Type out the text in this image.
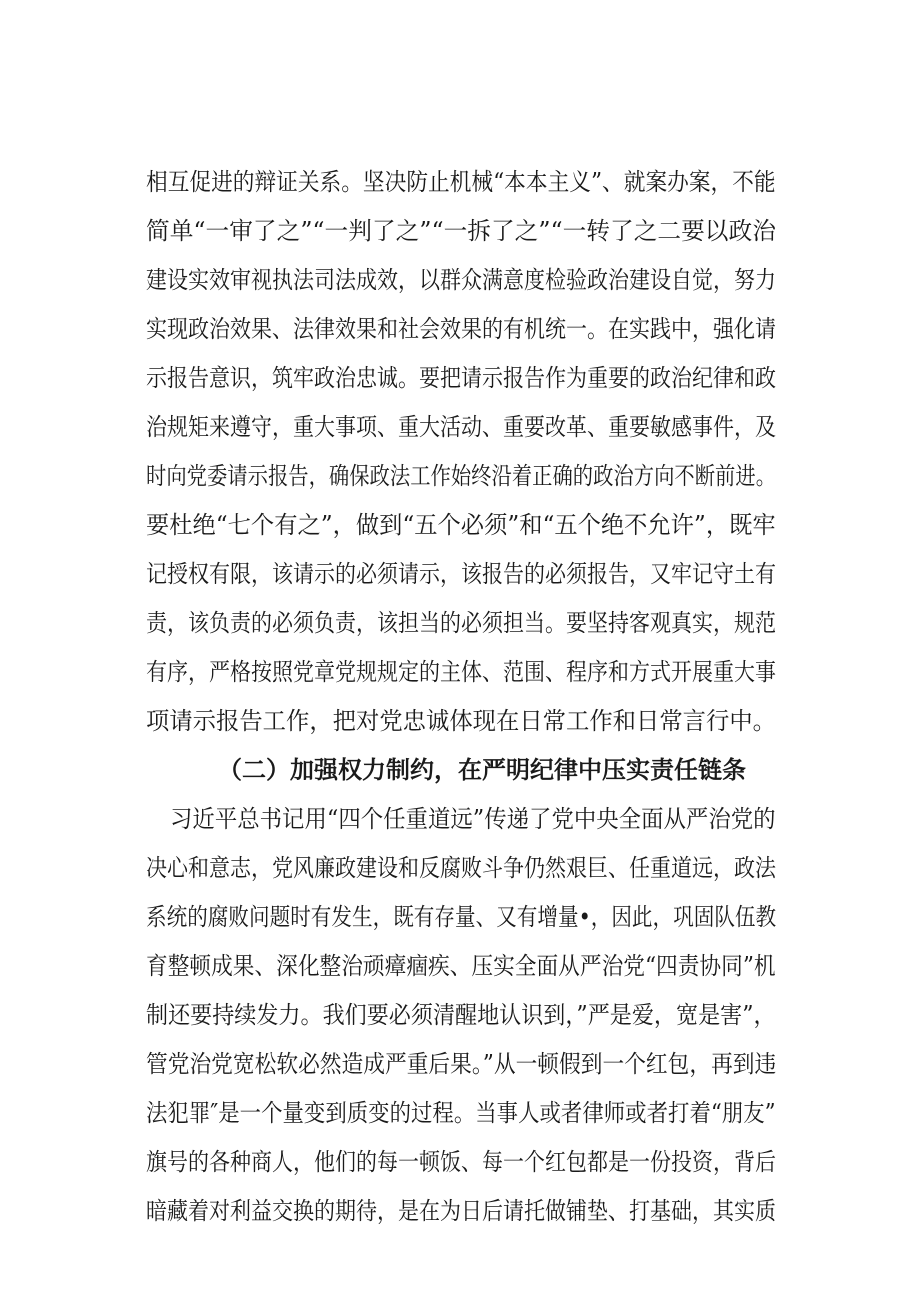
相互促进的辩证关系。坚决防止机械“本本主义”、就案办案，不能
简单“一审了之”“一判了之”“一拆了之”“一转了之二要以政治
建设实效审视执法司法成效，以群众满意度检验政治建设自觉，努力
实现政治效果、法律效果和社会效果的有机统一。在实践中，强化请
示报告意识，筑牢政治忠诚。要把请示报告作为重要的政治纪律和政
治规矩来遵守，重大事项、重大活动、重要改革、重要敏感事件，及
时向党委请示报告，确保政法工作始终沿着正确的政治方向不断前进。
要杜绝“七个有之”，做到“五个必须”和“五个绝不允许”，既牢
记授权有限，该请示的必须请示，该报告的必须报告，又牢记守土有
责，该负责的必须负责，该担当的必须担当。要坚持客观真实，规范
有序，严格按照党章党规规定的主体、范围、程序和方式开展重大事
项请示报告工作，把对党忠诚体现在日常工作和日常言行中。
（二）加强权力制约，在严明纪律中压实责任链条
习近平总书记用“四个任重道远”传递了党中央全面从严治党的
决心和意志，党风廉政建设和反腐败斗争仍然艰巨、任重道远，政法
系统的腐败问题时有发生，既有存量、又有增量•，因此，巩固队伍教
育整顿成果、深化整治顽瘴痼疾、压实全面从严治党“四责协同”机
制还要持续发力。我们要必须清醒地认识到，”严是爱，宽是害”，
管党治党宽松软必然造成严重后果。”从一顿假到一个红包，再到违
法犯罪″是一个量变到质变的过程。当事人或者律师或者打着“朋友”
旗号的各种商人，他们的每一顿饭、每一个红包都是一份投资，背后
暗藏着对利益交换的期待，是在为日后请托做铺垫、打基础，其实质
